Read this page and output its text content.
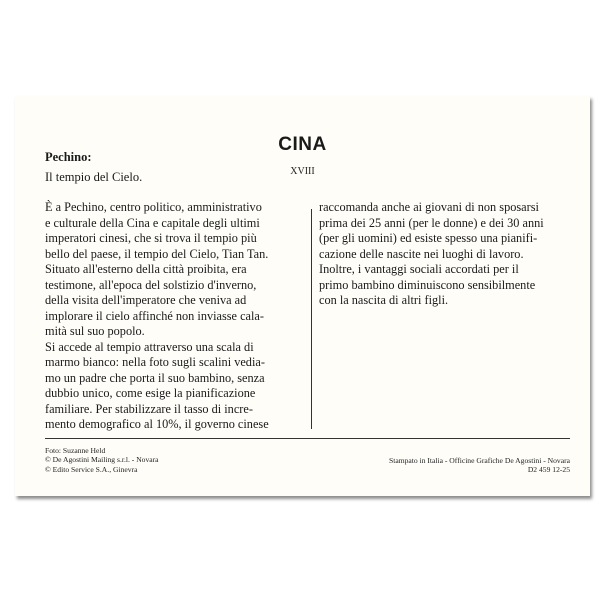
CINA
XVIII
Pechino:
Il tempio del Cielo.

È a Pechino, centro politico, amministrativo

e culturale della Cina e capitale degli ultimi

imperatori cinesi, che si trova il tempio più

bello del paese, il tempio del Cielo, Tian Tan.

Situato all'esterno della città proibita, era

testimone, all'epoca del solstizio d'inverno,

della visita dell'imperatore che veniva ad

implorare il cielo affinché non inviasse cala-

mità sul suo popolo.

Si accede al tempio attraverso una scala di

marmo bianco: nella foto sugli scalini vedia-

mo un padre che porta il suo bambino, senza

dubbio unico, come esige la pianificazione

familiare. Per stabilizzare il tasso di incre-

mento demografico al 10%, il governo cinese

raccomanda anche ai giovani di non sposarsi

prima dei 25 anni (per le donne) e dei 30 anni

(per gli uomini) ed esiste spesso una pianifi-

cazione delle nascite nei luoghi di lavoro.

Inoltre, i vantaggi sociali accordati per il

primo bambino diminuiscono sensibilmente

con la nascita di altri figli.

Foto: Suzanne Held
© De Agostini Mailing s.r.l. - Novara
© Edito Service S.A., Ginevra
Stampato in Italia - Officine Grafiche De Agostini - Novara
D2 459 12-25
